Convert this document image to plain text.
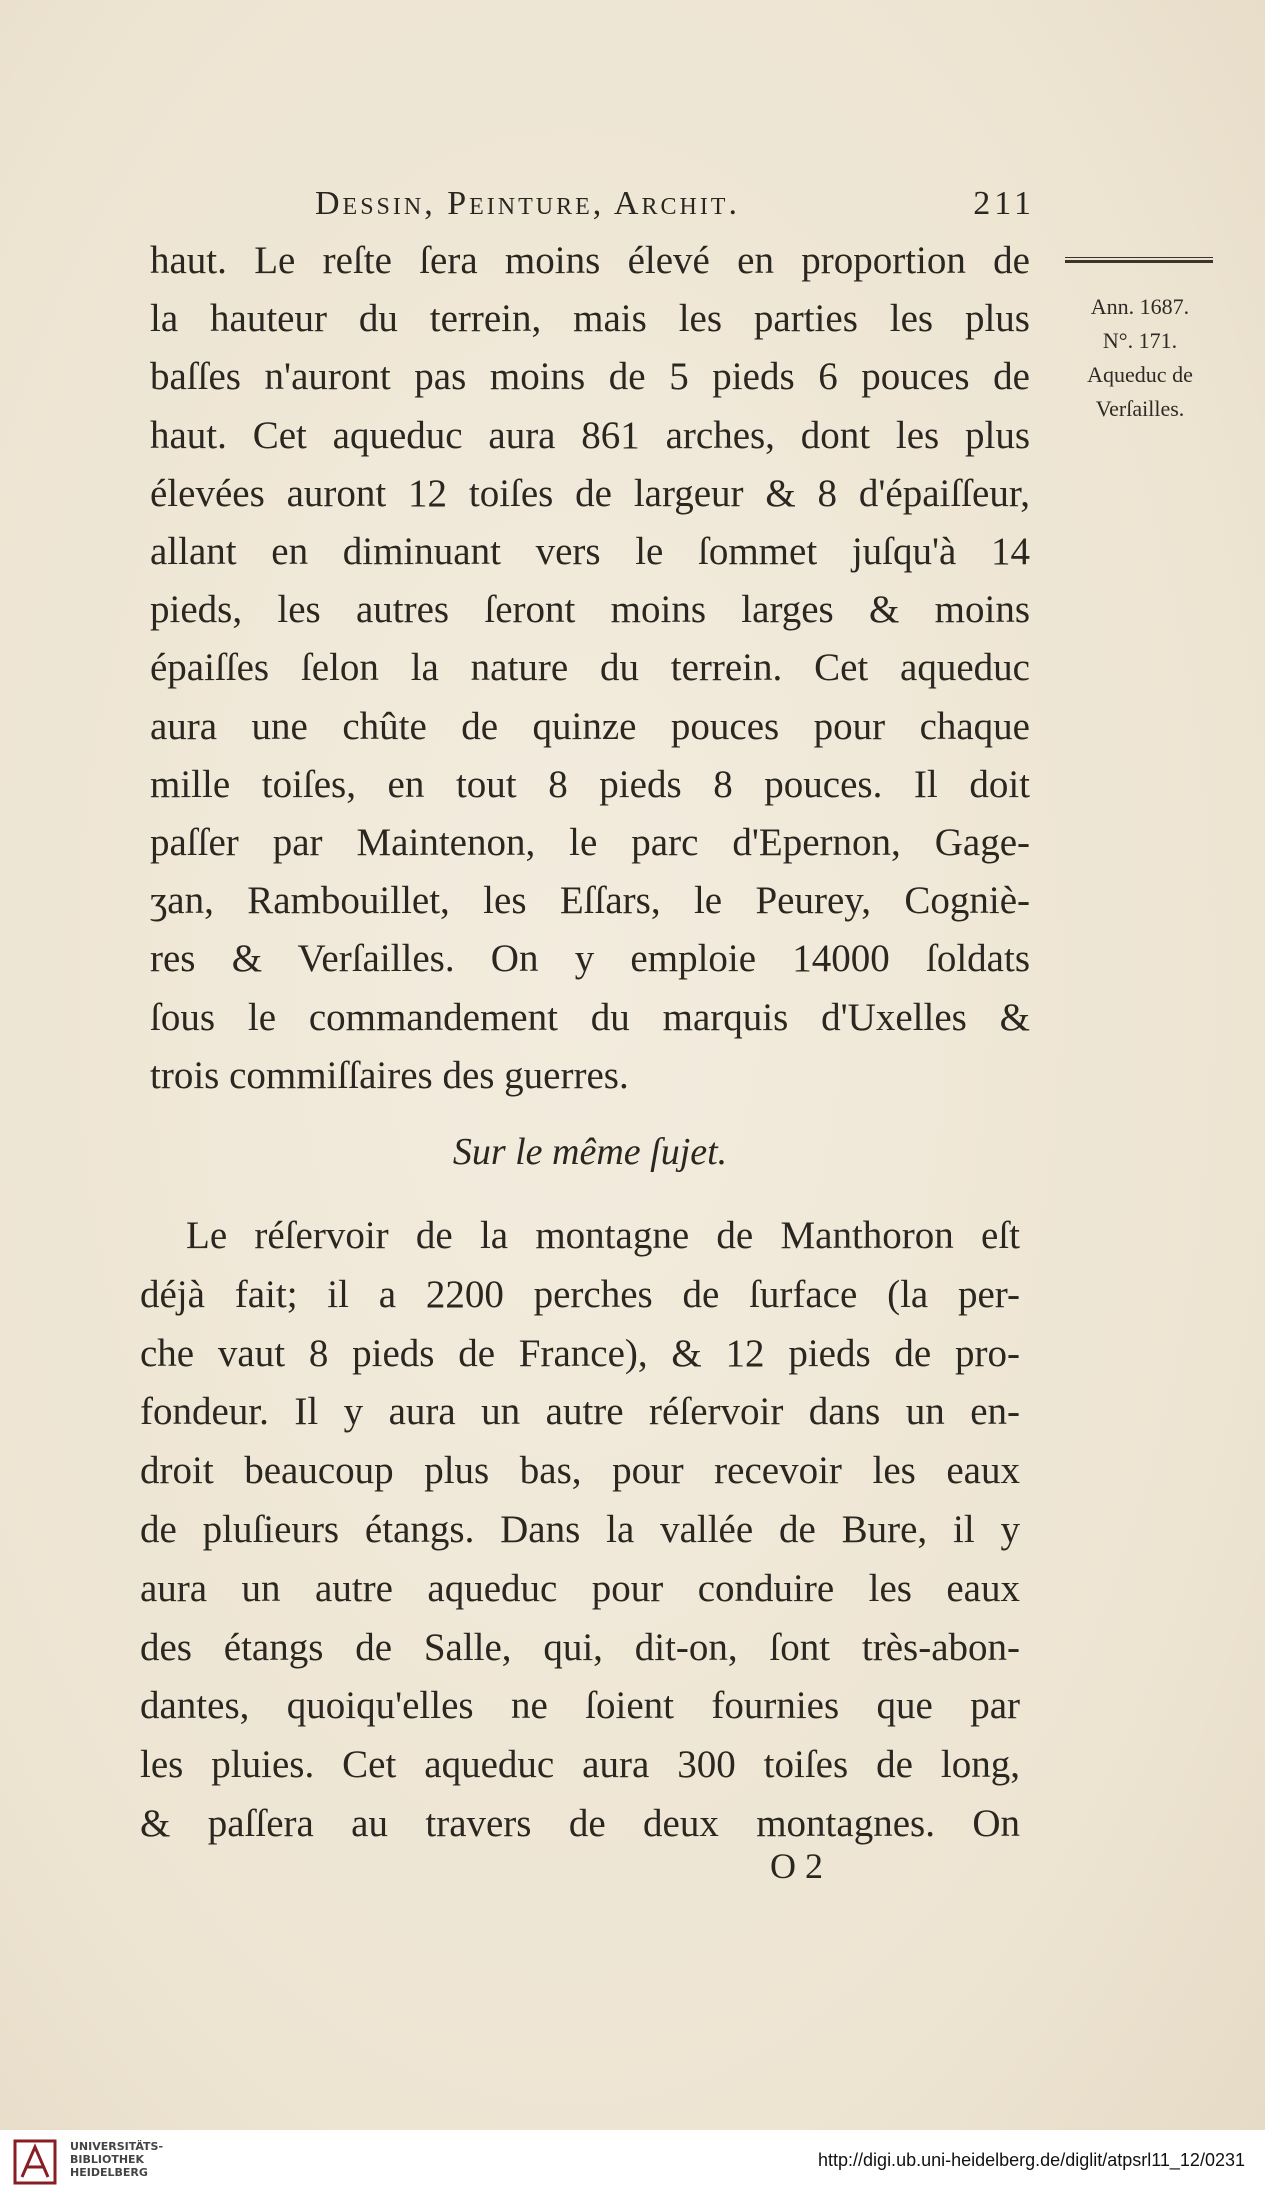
Dessin, Peinture, Archit.	211
Ann. 1687.
N°. 171.
Aqueduc de
Verſailles.
haut. Le reſte ſera moins élevé en proportion de
la hauteur du terrein, mais les parties les plus
baſſes n'auront pas moins de 5 pieds 6 pouces de
haut. Cet aqueduc aura 861 arches, dont les plus
élevées auront 12 toiſes de largeur & 8 d'épaiſſeur,
allant en diminuant vers le ſommet juſqu'à 14
pieds, les autres ſeront moins larges & moins
épaiſſes ſelon la nature du terrein. Cet aqueduc
aura une chûte de quinze pouces pour chaque
mille toiſes, en tout 8 pieds 8 pouces. Il doit
paſſer par Maintenon, le parc d'Epernon, Gage-
ʒan, Rambouillet, les Eſſars, le Peurey, Cogniè-
res & Verſailles. On y emploie 14000 ſoldats
ſous le commandement du marquis d'Uxelles &
trois commiſſaires des guerres.
Sur le même ſujet.
Le réſervoir de la montagne de Manthoron eſt
déjà fait; il a 2200 perches de ſurface (la per-
che vaut 8 pieds de France), & 12 pieds de pro-
fondeur. Il y aura un autre réſervoir dans un en-
droit beaucoup plus bas, pour recevoir les eaux
de pluſieurs étangs. Dans la vallée de Bure, il y
aura un autre aqueduc pour conduire les eaux
des étangs de Salle, qui, dit-on, ſont très-abon-
dantes, quoiqu'elles ne ſoient fournies que par
les pluies. Cet aqueduc aura 300 toiſes de long,
& paſſera au travers de deux montagnes. On
O 2
UNIVERSITÄTS-
BIBLIOTHEK
HEIDELBERG
http://digi.ub.uni-heidelberg.de/diglit/atpsrl11_12/0231
